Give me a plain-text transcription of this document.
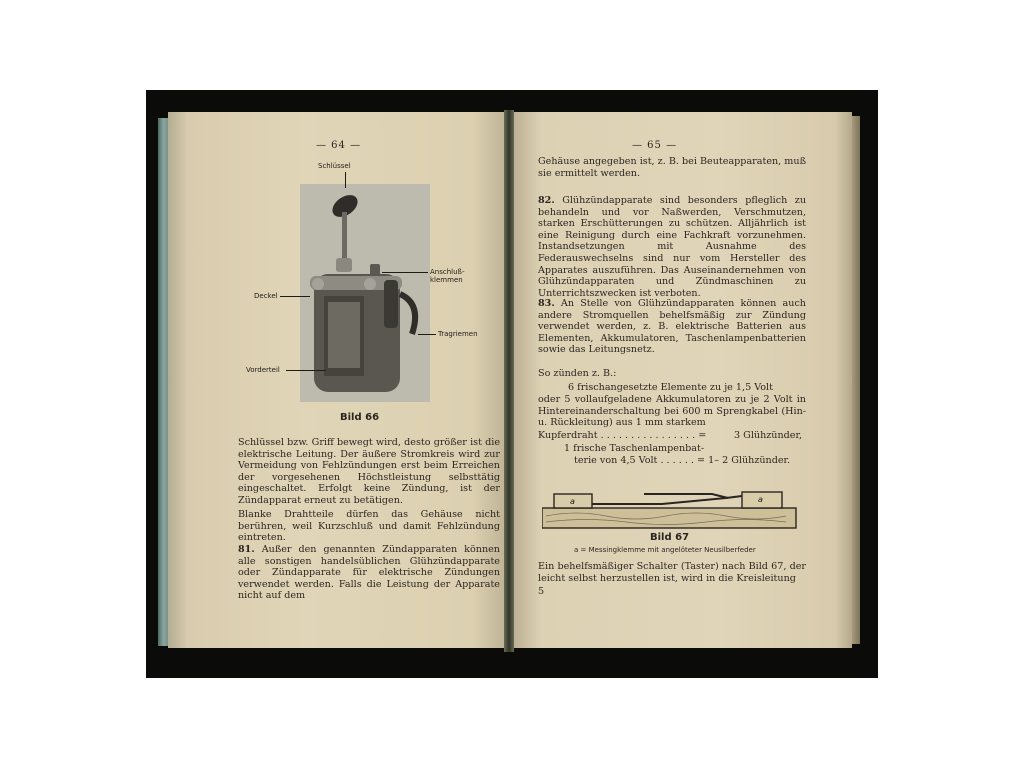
— 64 —
Schlüssel
Anschluß-
klemmen
Deckel
Tragriemen
Vorderteil
Bild 66

Schlüssel bzw. Griff bewegt wird, desto größer ist die elektrische Leitung. Der äußere Stromkreis wird zur Vermeidung von Fehlzündungen erst beim Erreichen der vorgesehenen Höchstleistung selbsttätig eingeschaltet. Erfolgt keine Zündung, ist der Zündapparat erneut zu betätigen.

Blanke Drahtteile dürfen das Gehäuse nicht berühren, weil Kurzschluß und damit Fehlzündung eintreten.

81. Außer den genannten Zündapparaten können alle sonstigen handelsüblichen Glühzündapparate oder Zündapparate für elektrische Zündungen verwendet werden. Falls die Leistung der Apparate nicht auf dem

— 65 —

Gehäuse angegeben ist, z. B. bei Beuteapparaten, muß sie ermittelt werden.

82. Glühzündapparate sind besonders pfleglich zu behandeln und vor Naßwerden, Verschmutzen, starken Erschütterungen zu schützen. Alljährlich ist eine Reinigung durch eine Fachkraft vorzunehmen. Instandsetzungen mit Ausnahme des Federauswechselns sind nur vom Hersteller des Apparates auszuführen. Das Auseinandernehmen von Glühzündapparaten und Zündmaschinen zu Unterrichtszwecken ist verboten.

83. An Stelle von Glühzündapparaten können auch andere Stromquellen behelfsmäßig zur Zündung verwendet werden, z. B. elektrische Batterien aus Elementen, Akkumulatoren, Taschenlampenbatterien sowie das Leitungsnetz.

So zünden z. B.:
6 frischangesetzte Elemente zu je 1,5 Volt
oder 5 vollaufgeladene Akkumulatoren zu je 2 Volt in Hintereinanderschaltung bei 600 m Sprengkabel (Hin- u. Rückleitung) aus 1 mm starkem
Kupferdraht . . . . . . . . . . . . . . . . =	3 Glühzünder,
1 frische Taschenlampenbat-
terie von 4,5 Volt . . . . . . = 1– 2 Glühzünder.
a	a
Bild 67
a = Messingklemme mit angelöteter Neusilberfeder

Ein behelfsmäßiger Schalter (Taster) nach Bild 67, der leicht selbst herzustellen ist, wird in die Kreisleitung

5
